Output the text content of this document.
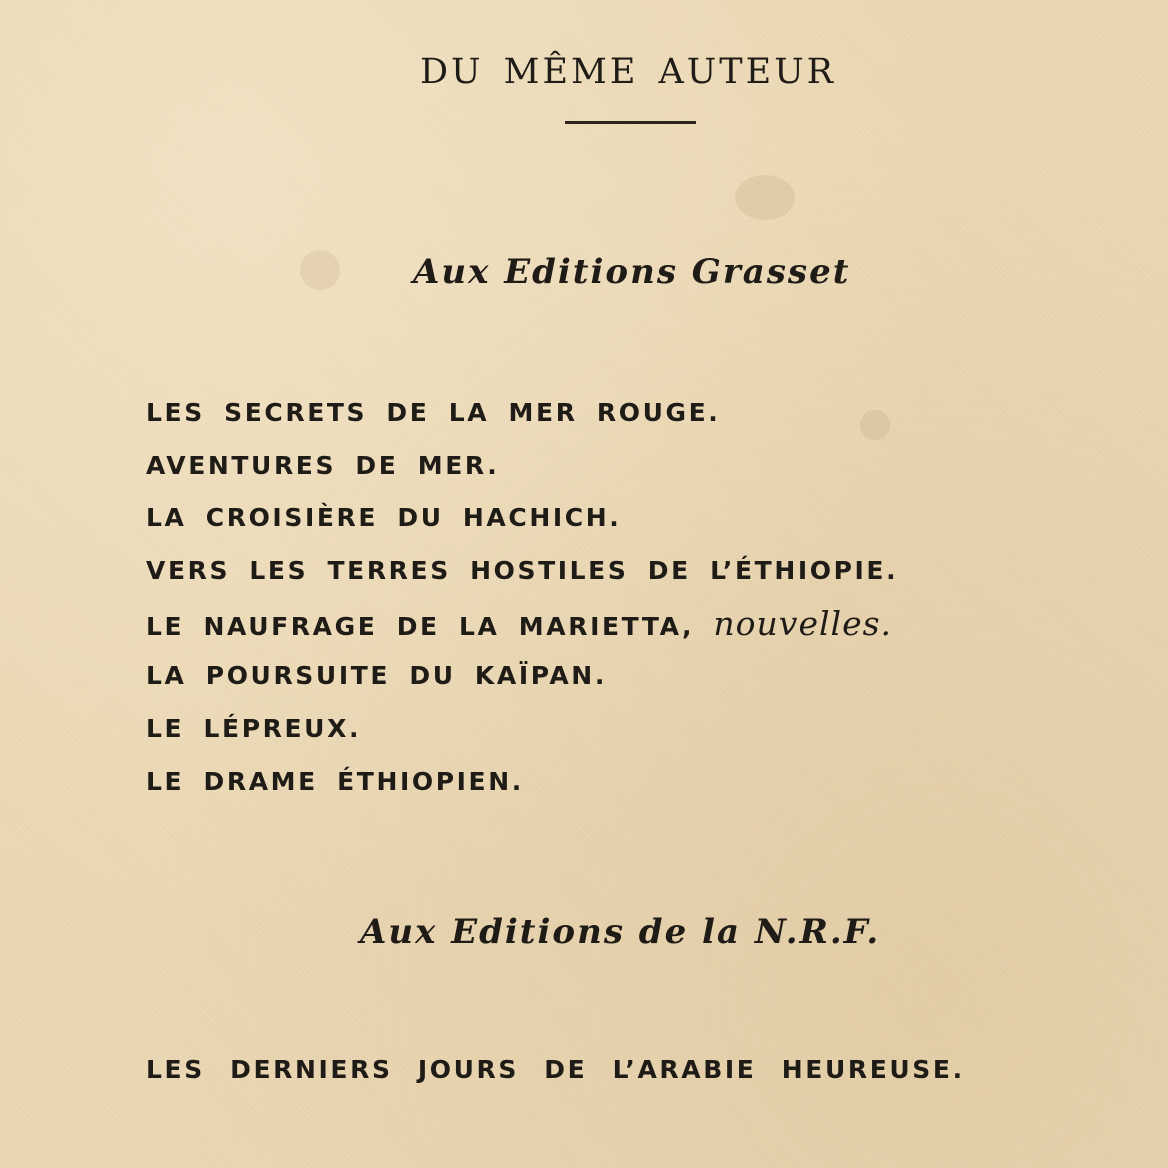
DU MÊME AUTEUR
Aux Editions Grasset
LES SECRETS DE LA MER ROUGE.
AVENTURES DE MER.
LA CROISIÈRE DU HACHICH.
VERS LES TERRES HOSTILES DE L’ÉTHIOPIE.
LE NAUFRAGE DE LA MARIETTA, nouvelles.
LA POURSUITE DU KAÏPAN.
LE LÉPREUX.
LE DRAME ÉTHIOPIEN.
Aux Editions de la N.R.F.
LES DERNIERS JOURS DE L’ARABIE HEUREUSE.
